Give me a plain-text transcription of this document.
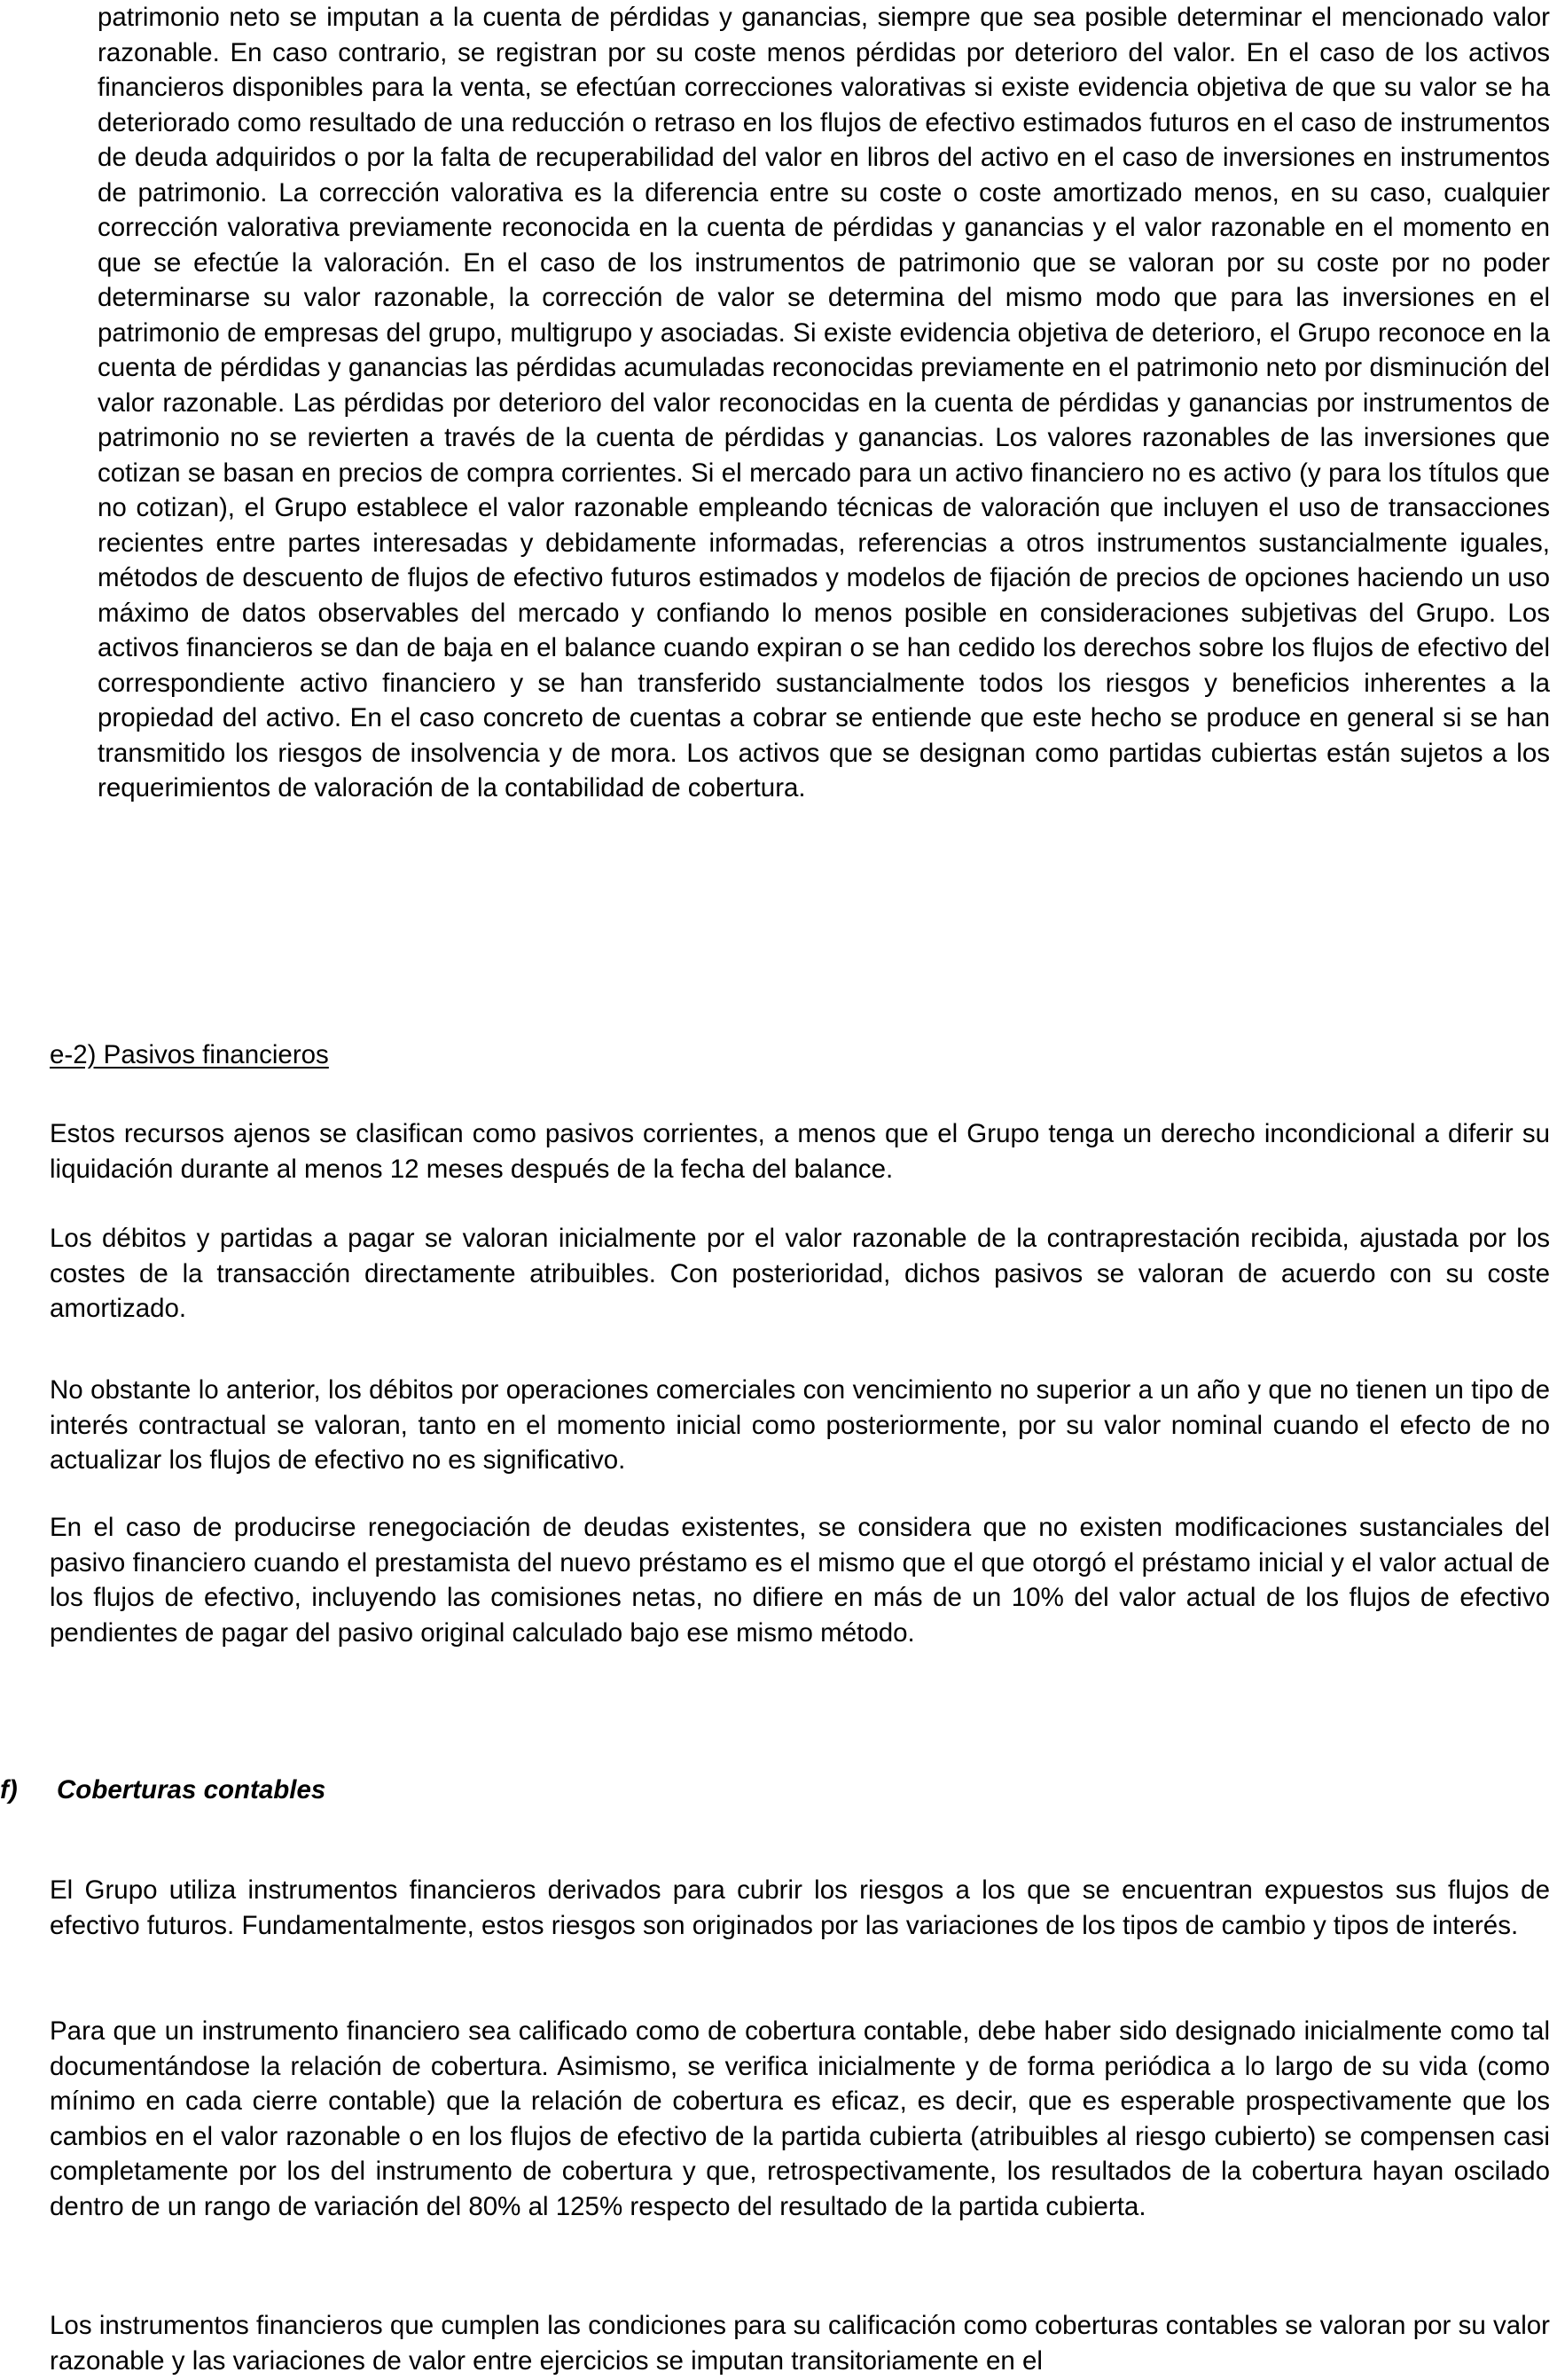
patrimonio neto se imputan a la cuenta de pérdidas y ganancias, siempre que sea posible determinar el mencionado valor razonable. En caso contrario, se registran por su coste menos pérdidas por deterioro del valor. En el caso de los activos financieros disponibles para la venta, se efectúan correcciones valorativas si existe evidencia objetiva de que su valor se ha deteriorado como resultado de una reducción o retraso en los flujos de efectivo estimados futuros en el caso de instrumentos de deuda adquiridos o por la falta de recuperabilidad del valor en libros del activo en el caso de inversiones en instrumentos de patrimonio. La corrección valorativa es la diferencia entre su coste o coste amortizado menos, en su caso, cualquier corrección valorativa previamente reconocida en la cuenta de pérdidas y ganancias y el valor razonable en el momento en que se efectúe la valoración. En el caso de los instrumentos de patrimonio que se valoran por su coste por no poder determinarse su valor razonable, la corrección de valor se determina del mismo modo que para las inversiones en el patrimonio de empresas del grupo, multigrupo y asociadas. Si existe evidencia objetiva de deterioro, el Grupo reconoce en la cuenta de pérdidas y ganancias las pérdidas acumuladas reconocidas previamente en el patrimonio neto por disminución del valor razonable. Las pérdidas por deterioro del valor reconocidas en la cuenta de pérdidas y ganancias por instrumentos de patrimonio no se revierten a través de la cuenta de pérdidas y ganancias. Los valores razonables de las inversiones que cotizan se basan en precios de compra corrientes. Si el mercado para un activo financiero no es activo (y para los títulos que no cotizan), el Grupo establece el valor razonable empleando técnicas de valoración que incluyen el uso de transacciones recientes entre partes interesadas y debidamente informadas, referencias a otros instrumentos sustancialmente iguales, métodos de descuento de flujos de efectivo futuros estimados y modelos de fijación de precios de opciones haciendo un uso máximo de datos observables del mercado y confiando lo menos posible en consideraciones subjetivas del Grupo. Los activos financieros se dan de baja en el balance cuando expiran o se han cedido los derechos sobre los flujos de efectivo del correspondiente activo financiero y se han transferido sustancialmente todos los riesgos y beneficios inherentes a la propiedad del activo. En el caso concreto de cuentas a cobrar se entiende que este hecho se produce en general si se han transmitido los riesgos de insolvencia y de mora. Los activos que se designan como partidas cubiertas están sujetos a los requerimientos de valoración de la contabilidad de cobertura.

e-2) Pasivos financieros

Estos recursos ajenos se clasifican como pasivos corrientes, a menos que el Grupo tenga un derecho incondicional a diferir su liquidación durante al menos 12 meses después de la fecha del balance.

Los débitos y partidas a pagar se valoran inicialmente por el valor razonable de la contraprestación recibida, ajustada por los costes de la transacción directamente atribuibles. Con posterioridad, dichos pasivos se valoran de acuerdo con su coste amortizado.

No obstante lo anterior, los débitos por operaciones comerciales con vencimiento no superior a un año y que no tienen un tipo de interés contractual se valoran, tanto en el momento inicial como posteriormente, por su valor nominal cuando el efecto de no actualizar los flujos de efectivo no es significativo.

En el caso de producirse renegociación de deudas existentes, se considera que no existen modificaciones sustanciales del pasivo financiero cuando el prestamista del nuevo préstamo es el mismo que el que otorgó el préstamo inicial y el valor actual de los flujos de efectivo, incluyendo las comisiones netas, no difiere en más de un 10% del valor actual de los flujos de efectivo pendientes de pagar del pasivo original calculado bajo ese mismo método.

f) Coberturas contables

El Grupo utiliza instrumentos financieros derivados para cubrir los riesgos a los que se encuentran expuestos sus flujos de efectivo futuros. Fundamentalmente, estos riesgos son originados por las variaciones de los tipos de cambio y tipos de interés.

Para que un instrumento financiero sea calificado como de cobertura contable, debe haber sido designado inicialmente como tal documentándose la relación de cobertura. Asimismo, se verifica inicialmente y de forma periódica a lo largo de su vida (como mínimo en cada cierre contable) que la relación de cobertura es eficaz, es decir, que es esperable prospectivamente que los cambios en el valor razonable o en los flujos de efectivo de la partida cubierta (atribuibles al riesgo cubierto) se compensen casi completamente por los del instrumento de cobertura y que, retrospectivamente, los resultados de la cobertura hayan oscilado dentro de un rango de variación del 80% al 125% respecto del resultado de la partida cubierta.

Los instrumentos financieros que cumplen las condiciones para su calificación como coberturas contables se valoran por su valor razonable y las variaciones de valor entre ejercicios se imputan transitoriamente en el
